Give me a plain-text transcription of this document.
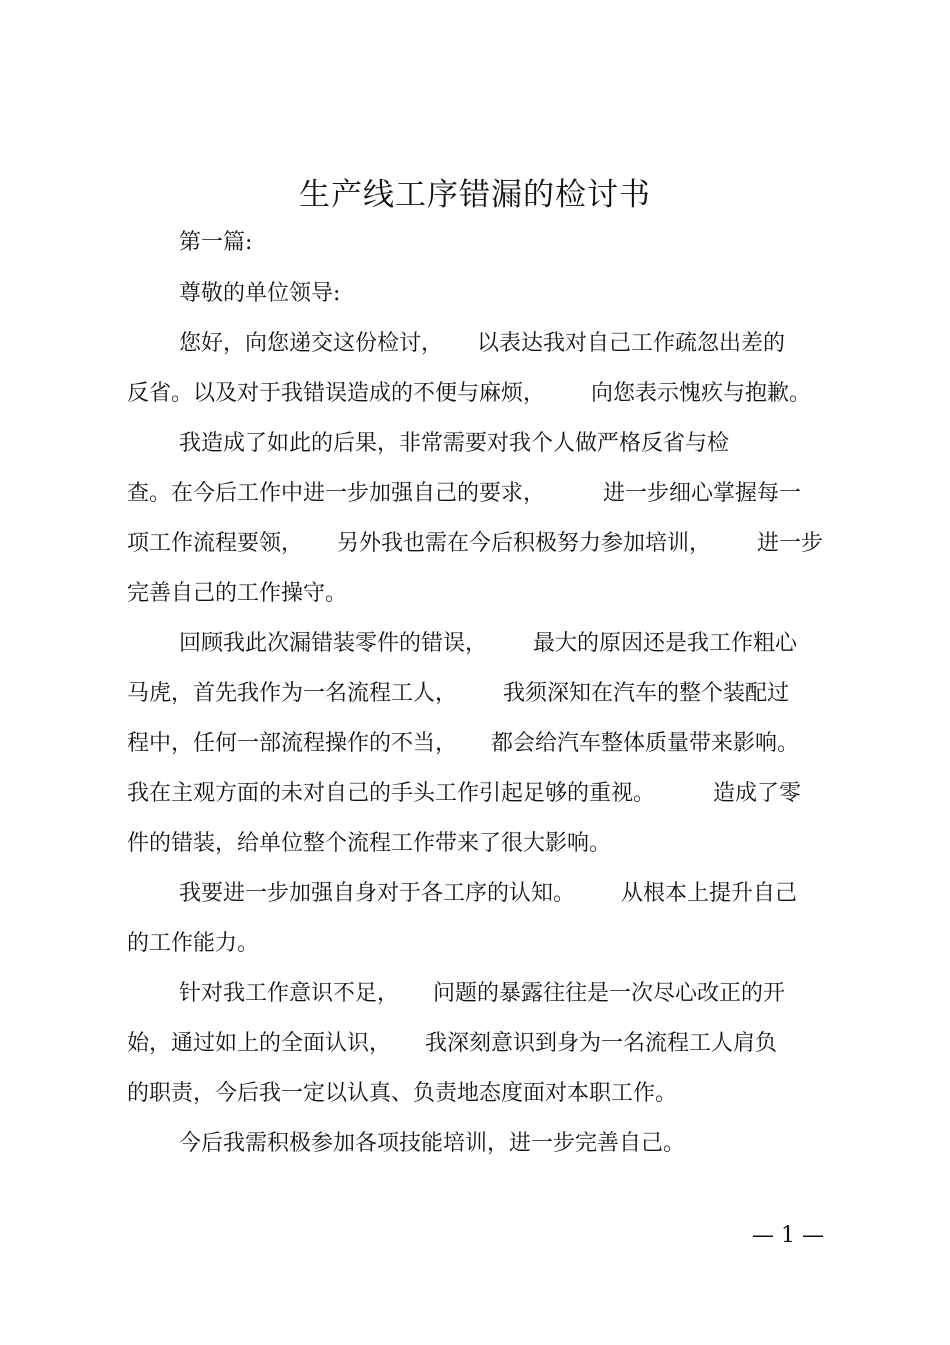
生产线工序错漏的检讨书
第一篇:
尊敬的单位领导:
您好，向您递交这份检讨， 以表达我对自己工作疏忽出差的
反省。以及对于我错误造成的不便与麻烦， 向您表示愧疚与抱歉。
我造成了如此的后果，非常需要对我个人做严格反省与检
查。在今后工作中进一步加强自己的要求，	进一步细心掌握每一
项工作流程要领， 另外我也需在今后积极努力参加培训， 进一步
完善自己的工作操守。
回顾我此次漏错装零件的错误， 最大的原因还是我工作粗心
马虎，首先我作为一名流程工人， 我须深知在汽车的整个装配过
程中，任何一部流程操作的不当， 都会给汽车整体质量带来影响。
我在主观方面的未对自己的手头工作引起足够的重视。	造成了零
件的错装，给单位整个流程工作带来了很大影响。
我要进一步加强自身对于各工序的认知。 从根本上提升自己
的工作能力。
针对我工作意识不足， 问题的暴露往往是一次尽心改正的开
始，通过如上的全面认识， 我深刻意识到身为一名流程工人肩负
的职责，今后我一定以认真、负责地态度面对本职工作。
今后我需积极参加各项技能培训，进一步完善自己。
— 1 —
